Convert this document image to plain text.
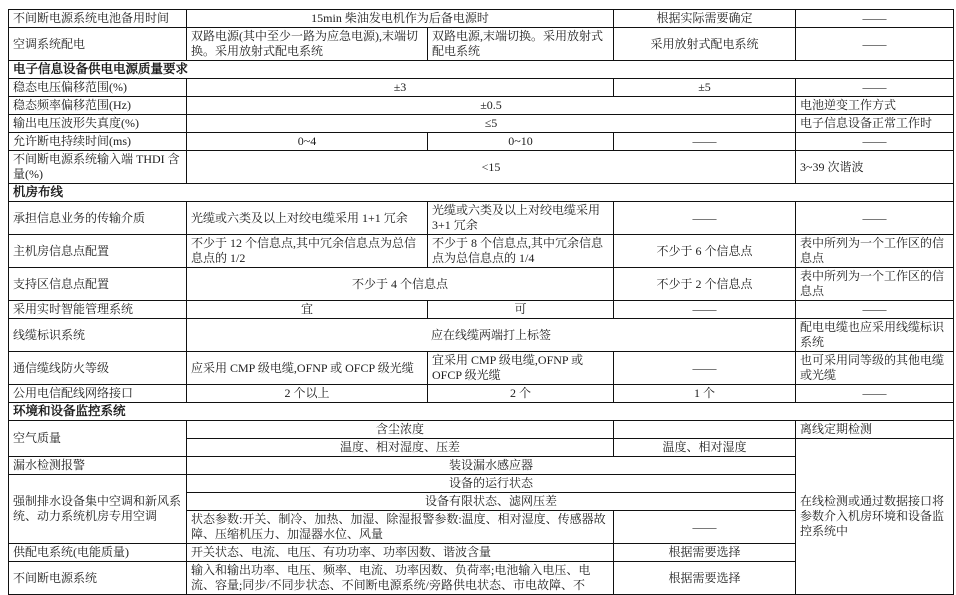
不间断电源系统电池备用时间	15min 柴油发电机作为后备电源时		根据实际需要确定	——
空调系统配电	双路电源(其中至少一路为应急电源),末端切换。采用放射式配电系统	双路电源,末端切换。采用放射式配电系统	采用放射式配电系统	——
电子信息设备供电电源质量要求				
稳态电压偏移范围(%)	±3		±5	——
稳态频率偏移范围(Hz)	±0.5			电池逆变工作方式
输出电压波形失真度(%)	≤5			电子信息设备正常工作时
允许断电持续时间(ms)	0~4	0~10	——	——
不间断电源系统输入端 THDI 含量(%)	<15			3~39 次谐波
机房布线				
承担信息业务的传输介质	光缆或六类及以上对绞电缆采用 1+1 冗余	光缆或六类及以上对绞电缆采用 3+1 冗余	——	——
主机房信息点配置	不少于 12 个信息点,其中冗余信息点为总信息点的 1/2	不少于 8 个信息点,其中冗余信息点为总信息点的 1/4	不少于 6 个信息点	表中所列为一个工作区的信息点
支持区信息点配置	不少于 4 个信息点		不少于 2 个信息点	表中所列为一个工作区的信息点
采用实时智能管理系统	宜	可	——	——
线缆标识系统	应在线缆两端打上标签			配电电缆也应采用线缆标识系统
通信缆线防火等级	应采用 CMP 级电缆,OFNP 或 OFCP 级光缆	宜采用 CMP 级电缆,OFNP 或 OFCP 级光缆	——	也可采用同等级的其他电缆或光缆
公用电信配线网络接口	2 个以上	2 个	1 个	——
环境和设备监控系统				
空气质量	含尘浓度			离线定期检测
	温度、相对湿度、压差		温度、相对湿度	在线检测或通过数据接口将参数介入机房环境和设备监控系统中
漏水检测报警	装设漏水感应器			
强制排水设备集中空调和新风系统、动力系统机房专用空调	设备的运行状态			
	设备有限状态、滤网压差			
	状态参数:开关、制冷、加热、加湿、除湿报警参数:温度、相对湿度、传感器故障、压缩机压力、加湿器水位、风量		——	
供配电系统(电能质量)	开关状态、电流、电压、有功功率、功率因数、谐波含量		根据需要选择	
不间断电源系统	输入和输出功率、电压、频率、电流、功率因数、负荷率;电池输入电压、电流、容量;同步/不同步状态、不间断电源系统/旁路供电状态、市电故障、不		根据需要选择	
